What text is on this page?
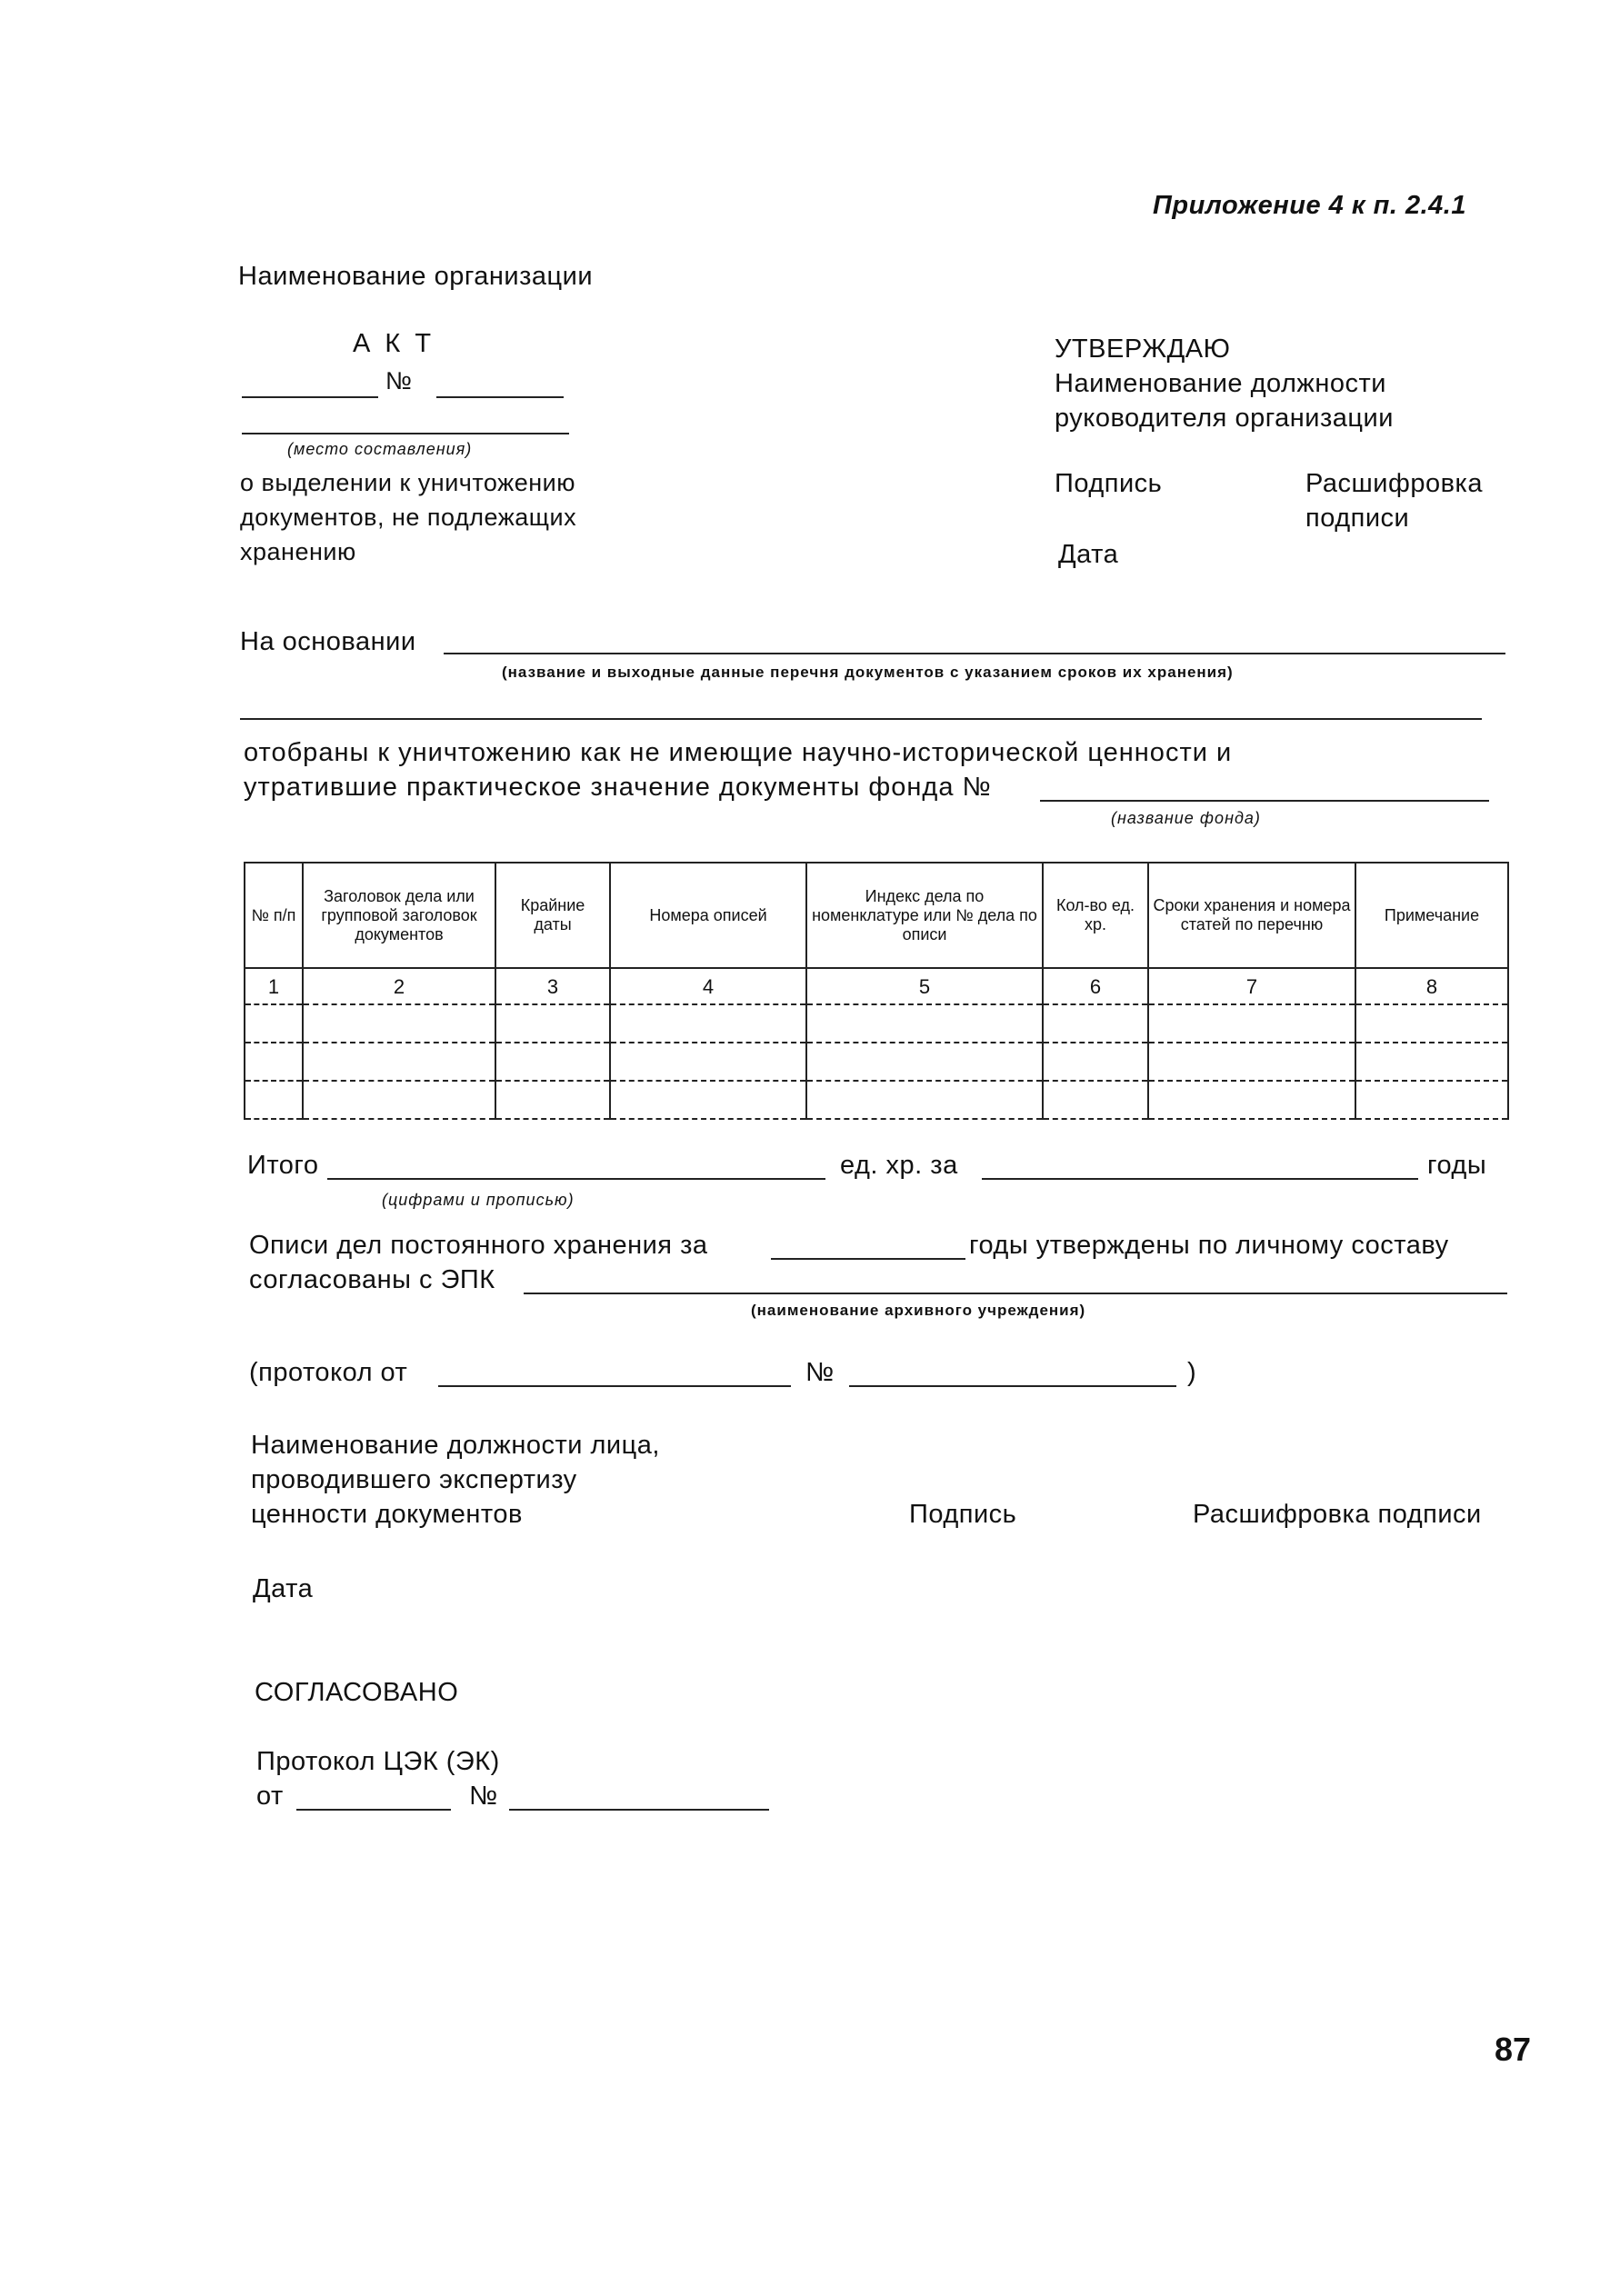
Приложение 4 к п. 2.4.1
Наименование организации
А К Т
№
(место составления)
о выделении к уничтожению
документов, не подлежащих
хранению
УТВЕРЖДАЮ
Наименование должности
руководителя организации
Подпись	Расшифровка
подписи
Дата
На основании
(название и выходные данные перечня документов с указанием сроков их хранения)
отобраны к уничтожению как не имеющие научно-исторической ценности и
утратившие практическое значение документы фонда №
(название фонда)
№ п/п	Заголовок дела или групповой заголовок документов	Крайние даты	Номера описей	Индекс дела по номенклатуре или № дела по описи	Кол-во ед. хр.	Сроки хранения и номера статей по перечню	Примечание
1	2	3	4	5	6	7	8

Итого	ед. хр. за	годы
(цифрами и прописью)
Описи дел постоянного хранения за	годы утверждены по личному составу
согласованы с ЭПК
(наименование архивного учреждения)
(протокол от	№	)
Наименование должности лица,
проводившего экспертизу
ценности документов	Подпись	Расшифровка подписи
Дата
СОГЛАСОВАНО
Протокол ЦЭК (ЭК)
от	№
87
